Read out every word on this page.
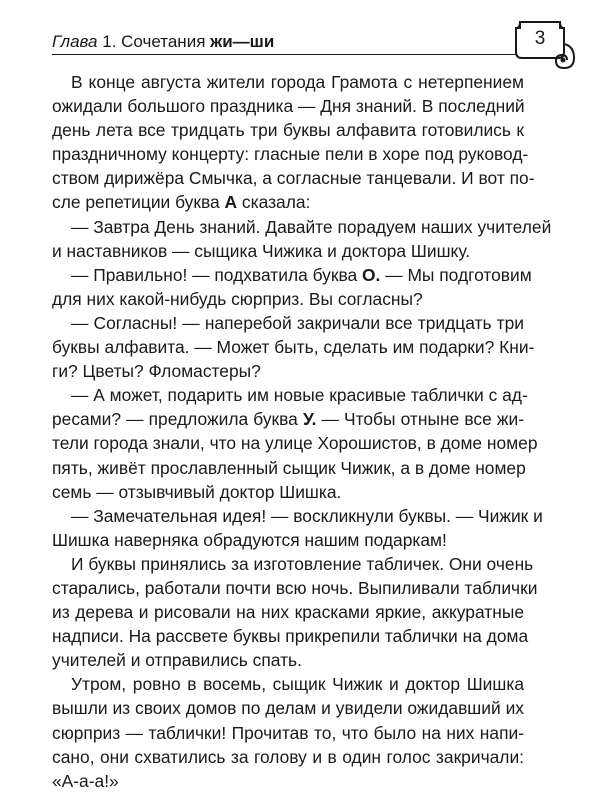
Глава 1. Сочетания жи—ши	3

В конце августа жители города Грамота с нетерпением
ожидали большого праздника — Дня знаний. В последний
день лета все тридцать три буквы алфавита готовились к
праздничному концерту: гласные пели в хоре под руковод-
ством дирижёра Смычка, а согласные танцевали. И вот по-
сле репетиции буква А сказала:

— Завтра День знаний. Давайте порадуем наших учителей
и наставников — сыщика Чижика и доктора Шишку.

— Правильно! — подхватила буква О. — Мы подготовим
для них какой-нибудь сюрприз. Вы согласны?

— Согласны! — наперебой закричали все тридцать три
буквы алфавита. — Может быть, сделать им подарки? Кни-
ги? Цветы? Фломастеры?

— А может, подарить им новые красивые таблички с ад-
ресами? — предложила буква У. — Чтобы отныне все жи-
тели города знали, что на улице Хорошистов, в доме номер
пять, живёт прославленный сыщик Чижик, а в доме номер
семь — отзывчивый доктор Шишка.

— Замечательная идея! — воскликнули буквы. — Чижик и
Шишка наверняка обрадуются нашим подаркам!

И буквы принялись за изготовление табличек. Они очень
старались, работали почти всю ночь. Выпиливали таблички
из дерева и рисовали на них красками яркие, аккуратные
надписи. На рассвете буквы прикрепили таблички на дома
учителей и отправились спать.

Утром, ровно в восемь, сыщик Чижик и доктор Шишка
вышли из своих домов по делам и увидели ожидавший их
сюрприз — таблички! Прочитав то, что было на них напи-
сано, они схватились за голову и в один голос закричали:
«А-а-а!»
